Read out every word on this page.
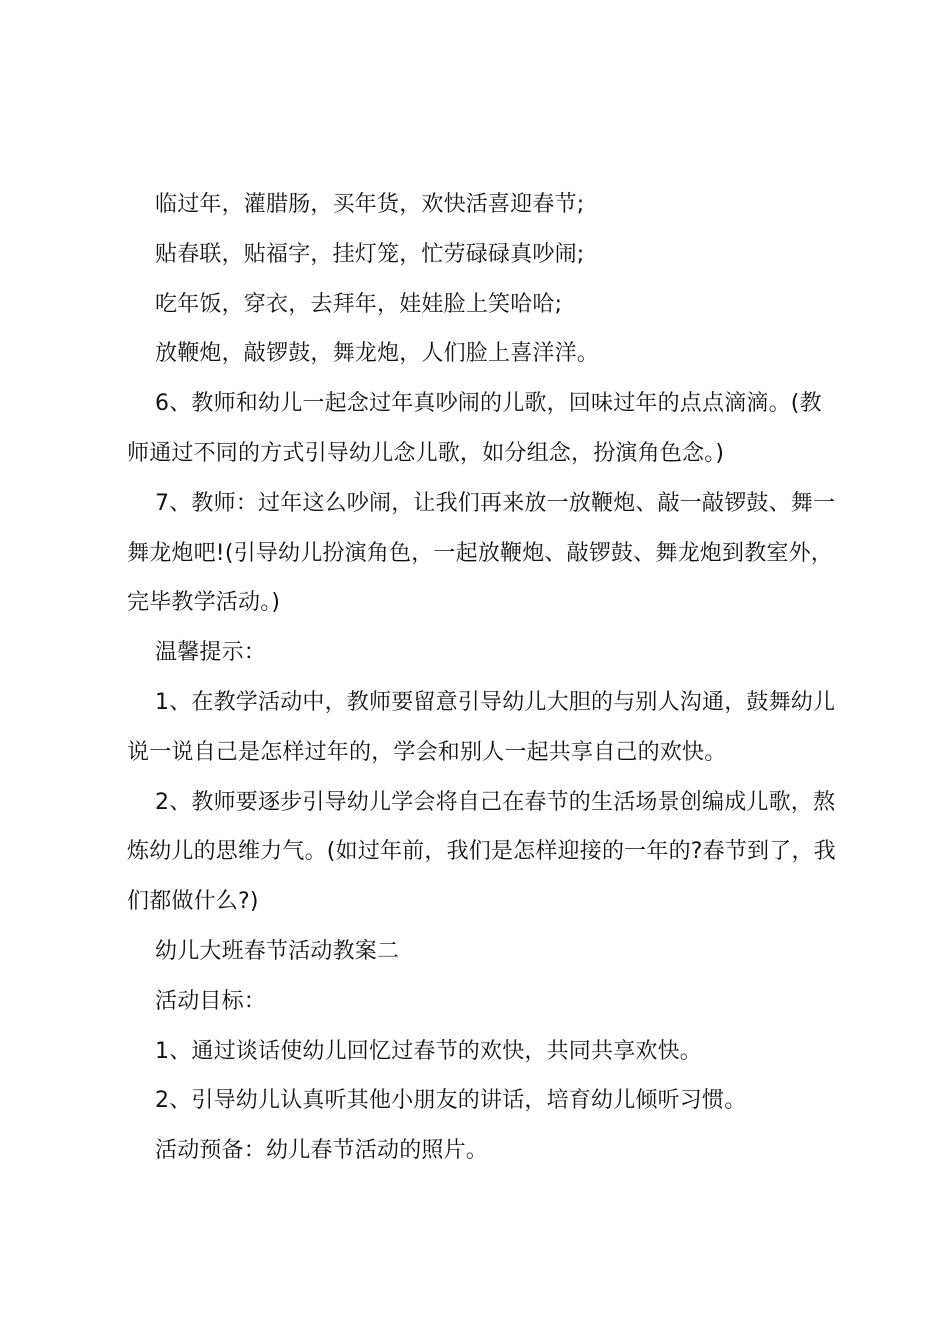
临过年，灌腊肠，买年货，欢快活喜迎春节;

贴春联，贴福字，挂灯笼，忙劳碌碌真吵闹;

吃年饭，穿衣，去拜年，娃娃脸上笑哈哈;

放鞭炮，敲锣鼓，舞龙炮，人们脸上喜洋洋。

6、教师和幼儿一起念过年真吵闹的儿歌，回味过年的点点滴滴。(教师通过不同的方式引导幼儿念儿歌，如分组念，扮演角色念。)

7、教师：过年这么吵闹，让我们再来放一放鞭炮、敲一敲锣鼓、舞一舞龙炮吧!(引导幼儿扮演角色，一起放鞭炮、敲锣鼓、舞龙炮到教室外，完毕教学活动。)

温馨提示：

1、在教学活动中，教师要留意引导幼儿大胆的与别人沟通，鼓舞幼儿说一说自己是怎样过年的，学会和别人一起共享自己的欢快。

2、教师要逐步引导幼儿学会将自己在春节的生活场景创编成儿歌，熬炼幼儿的思维力气。(如过年前，我们是怎样迎接的一年的?春节到了，我们都做什么?)

幼儿大班春节活动教案二

活动目标：

1、通过谈话使幼儿回忆过春节的欢快，共同共享欢快。

2、引导幼儿认真听其他小朋友的讲话，培育幼儿倾听习惯。

活动预备：幼儿春节活动的照片。
